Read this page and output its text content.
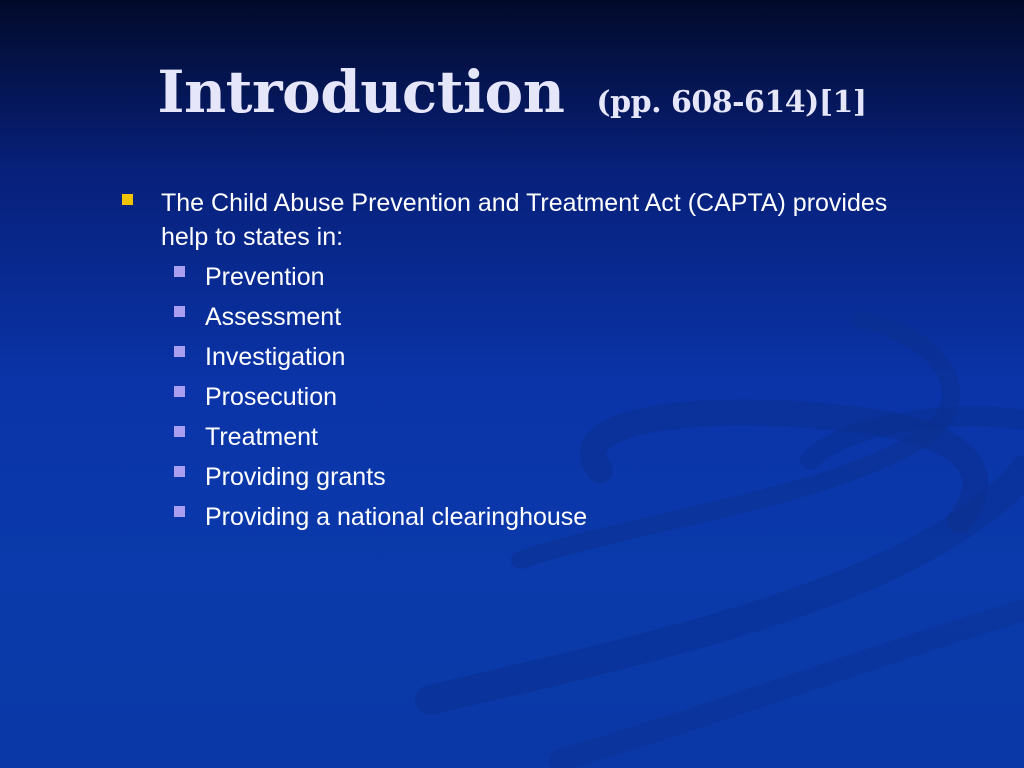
Introduction (pp. 608-614)[1]
The Child Abuse Prevention and Treatment Act (CAPTA) provides help to states in:
Prevention
Assessment
Investigation
Prosecution
Treatment
Providing grants
Providing a national clearinghouse
